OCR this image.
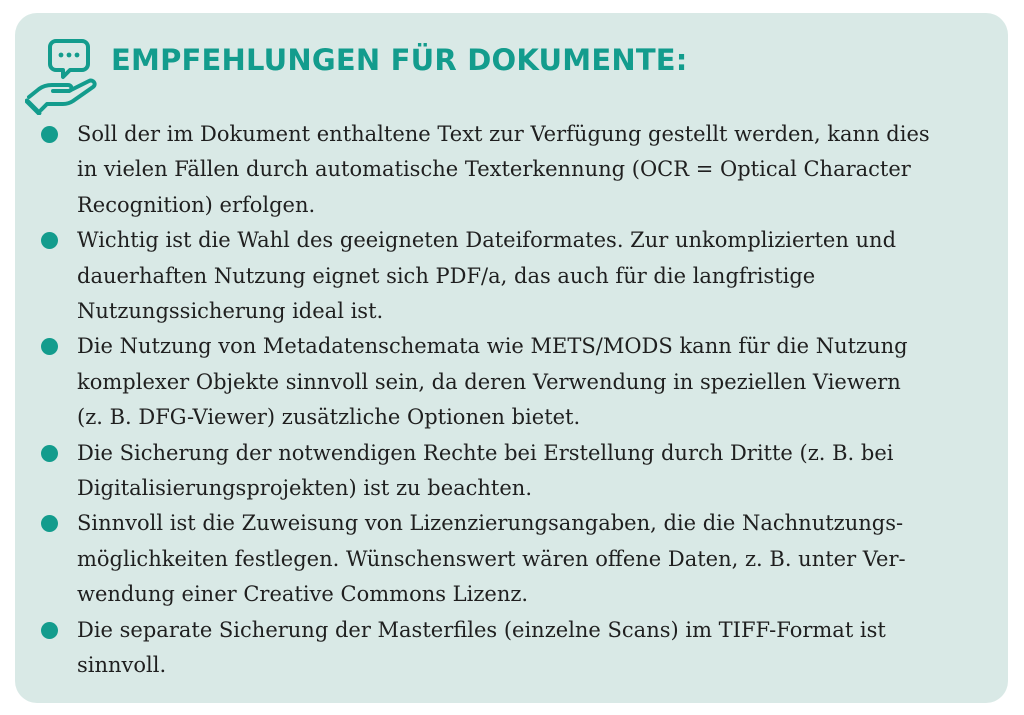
EMPFEHLUNGEN FÜR DOKUMENTE:
Soll der im Dokument enthaltene Text zur Verfügung gestellt werden, kann dies
in vielen Fällen durch automatische Texterkennung (OCR = Optical Character
Recognition) erfolgen.
Wichtig ist die Wahl des geeigneten Dateiformates. Zur unkomplizierten und
dauerhaften Nutzung eignet sich PDF/a, das auch für die langfristige
Nutzungssicherung ideal ist.
Die Nutzung von Metadatenschemata wie METS/MODS kann für die Nutzung
komplexer Objekte sinnvoll sein, da deren Verwendung in speziellen Viewern
(z. B. DFG-Viewer) zusätzliche Optionen bietet.
Die Sicherung der notwendigen Rechte bei Erstellung durch Dritte (z. B. bei
Digitalisierungsprojekten) ist zu beachten.
Sinnvoll ist die Zuweisung von Lizenzierungsangaben, die die Nachnutzungs-
möglichkeiten festlegen. Wünschenswert wären offene Daten, z. B. unter Ver-
wendung einer Creative Commons Lizenz.
Die separate Sicherung der Masterfiles (einzelne Scans) im TIFF-Format ist
sinnvoll.
